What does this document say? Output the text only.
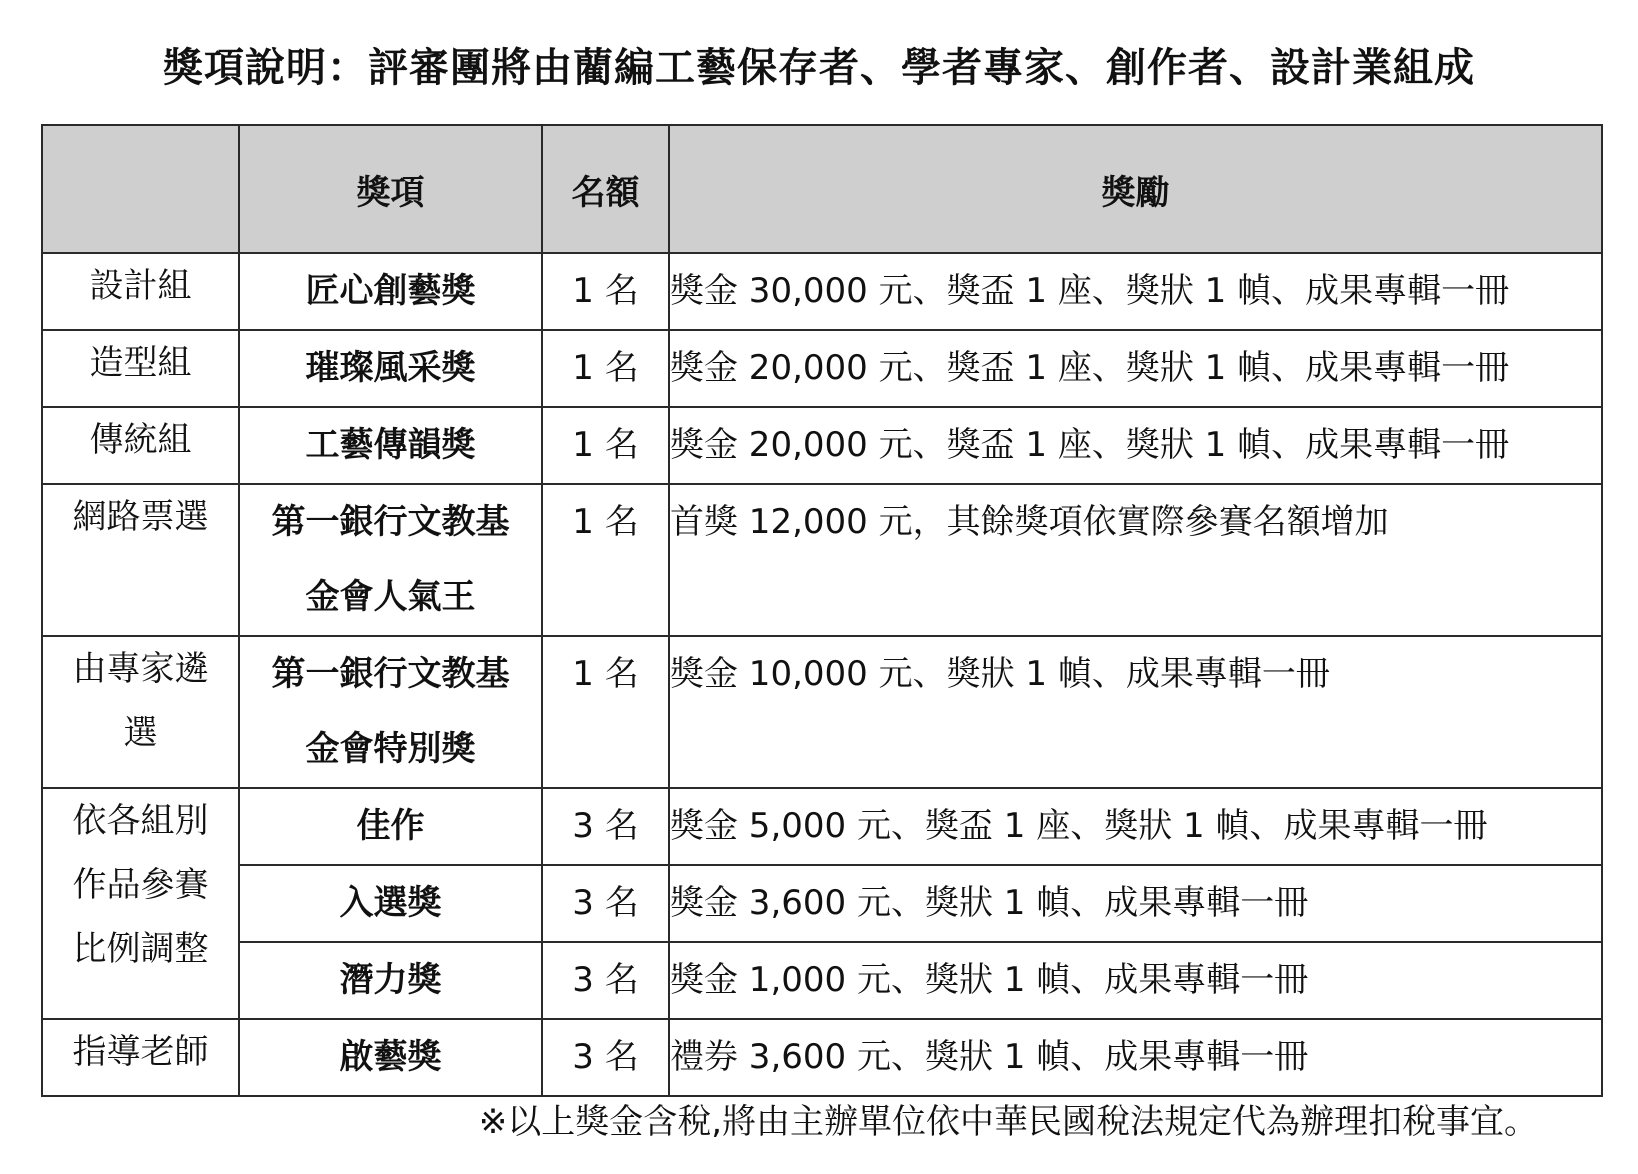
獎項說明：評審團將由藺編工藝保存者、學者專家、創作者、設計業組成
	獎項	名額	獎勵

設計組	匠心創藝獎	1 名	獎金 30,000 元、獎盃 1 座、獎狀 1 幀、成果專輯一冊

造型組	璀璨風采獎	1 名	獎金 20,000 元、獎盃 1 座、獎狀 1 幀、成果專輯一冊

傳統組	工藝傳韻獎	1 名	獎金 20,000 元、獎盃 1 座、獎狀 1 幀、成果專輯一冊

網路票選	第一銀行文教基金會人氣王	1 名	首獎 12,000 元，其餘獎項依實際參賽名額增加

由專家遴選	第一銀行文教基金會特別獎	1 名	獎金 10,000 元、獎狀 1 幀、成果專輯一冊

依各組別作品參賽比例調整	佳作	3 名	獎金 5,000 元、獎盃 1 座、獎狀 1 幀、成果專輯一冊

	入選獎	3 名	獎金 3,600 元、獎狀 1 幀、成果專輯一冊

	潛力獎	3 名	獎金 1,000 元、獎狀 1 幀、成果專輯一冊

指導老師	啟藝獎	3 名	禮券 3,600 元、獎狀 1 幀、成果專輯一冊
※以上獎金含稅,將由主辦單位依中華民國稅法規定代為辦理扣稅事宜。
